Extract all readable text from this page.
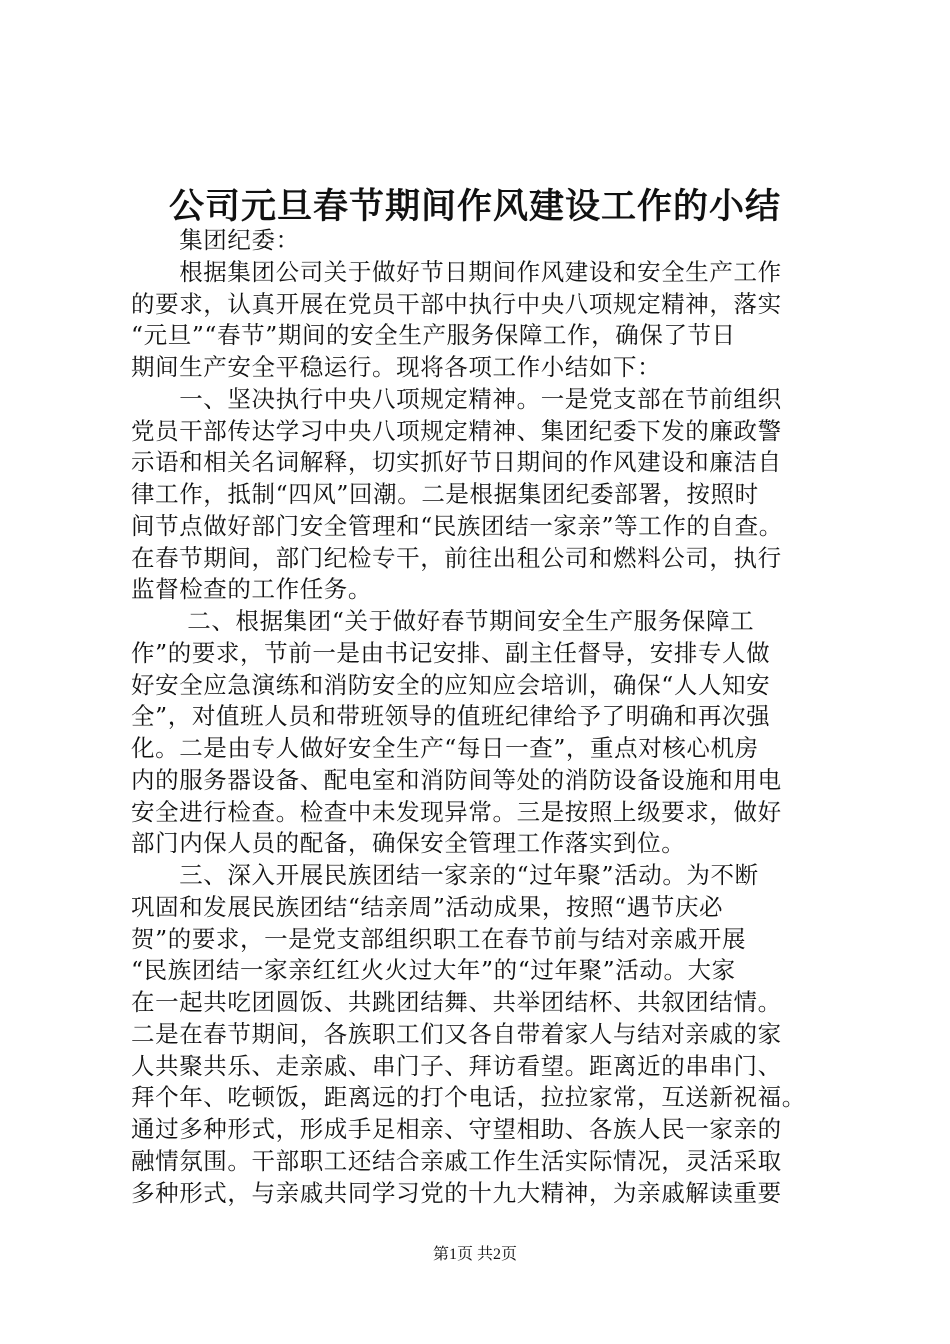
公司元旦春节期间作风建设工作的小结
　　集团纪委：
　　根据集团公司关于做好节日期间作风建设和安全生产工作
的要求，认真开展在党员干部中执行中央八项规定精神，落实
“元旦”“春节”期间的安全生产服务保障工作，确保了节日
期间生产安全平稳运行。现将各项工作小结如下：
　　一、坚决执行中央八项规定精神。一是党支部在节前组织
党员干部传达学习中央八项规定精神、集团纪委下发的廉政警
示语和相关名词解释，切实抓好节日期间的作风建设和廉洁自
律工作，抵制“四风”回潮。二是根据集团纪委部署，按照时
间节点做好部门安全管理和“民族团结一家亲”等工作的自查。
在春节期间，部门纪检专干，前往出租公司和燃料公司，执行
监督检查的工作任务。
　　 二、根据集团“关于做好春节期间安全生产服务保障工
作”的要求，节前一是由书记安排、副主任督导，安排专人做
好安全应急演练和消防安全的应知应会培训，确保“人人知安
全”，对值班人员和带班领导的值班纪律给予了明确和再次强
化。二是由专人做好安全生产“每日一查”，重点对核心机房
内的服务器设备、配电室和消防间等处的消防设备设施和用电
安全进行检查。检查中未发现异常。三是按照上级要求，做好
部门内保人员的配备，确保安全管理工作落实到位。
　　三、深入开展民族团结一家亲的“过年聚”活动。为不断
巩固和发展民族团结“结亲周”活动成果，按照“遇节庆必
贺”的要求，一是党支部组织职工在春节前与结对亲戚开展
“民族团结一家亲红红火火过大年”的“过年聚”活动。大家
在一起共吃团圆饭、共跳团结舞、共举团结杯、共叙团结情。
二是在春节期间，各族职工们又各自带着家人与结对亲戚的家
人共聚共乐、走亲戚、串门子、拜访看望。距离近的串串门、
拜个年、吃顿饭，距离远的打个电话，拉拉家常，互送新祝福。
通过多种形式，形成手足相亲、守望相助、各族人民一家亲的
融情氛围。干部职工还结合亲戚工作生活实际情况，灵活采取
多种形式，与亲戚共同学习党的十九大精神，为亲戚解读重要
第1页 共2页
